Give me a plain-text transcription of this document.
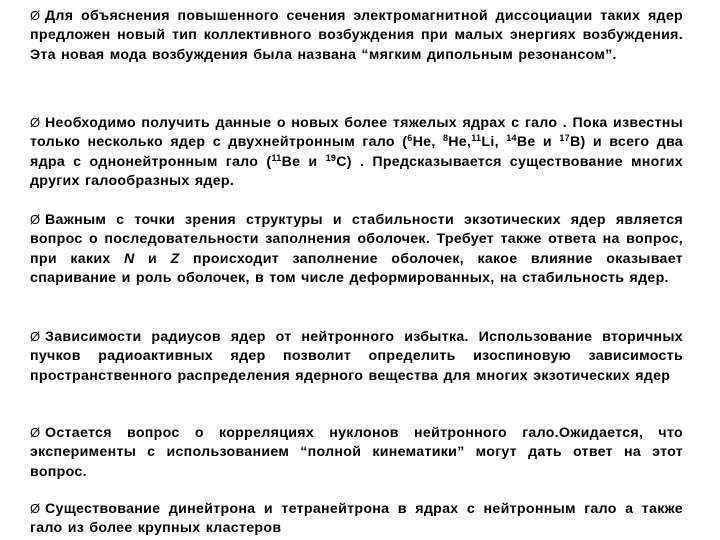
Ø Для объяснения повышенного сечения электромагнитной диссоциации таких ядер предложен новый тип коллективного возбуждения при малых энергиях возбуждения. Эта новая мода возбуждения была названа “мягким дипольным резонансом”.
Ø Необходимо получить данные о новых более тяжелых ядрах с гало . Пока известны только несколько ядер с двухнейтронным гало ($^6$He, $^8$He,$^{11}$Li, $^{14}$Be и $^{17}$B) и всего два ядра с однонейтронным гало ($^{11}$Be и $^{19}$C) . Предсказывается существование многих других галообразных ядер.
Ø Важным с точки зрения структуры и стабильности экзотических ядер является вопрос о последовательности заполнения оболочек. Требует также ответа на вопрос, при каких N и Z происходит заполнение оболочек, какое влияние оказывает спаривание и роль оболочек, в том числе деформированных, на стабильность ядер.
Ø Зависимости радиусов ядер от нейтронного избытка. Использование вторичных пучков радиоактивных ядер позволит определить изоспиновую зависимость пространственного распределения ядерного вещества для многих экзотических ядер
Ø Остается вопрос о корреляциях нуклонов нейтронного гало.Ожидается, что эксперименты с использованием “полной кинематики” могут дать ответ на этот вопрос.
Ø Существование динейтрона и тетранейтрона в ядрах с нейтронным гало а также гало из более крупных кластеров
